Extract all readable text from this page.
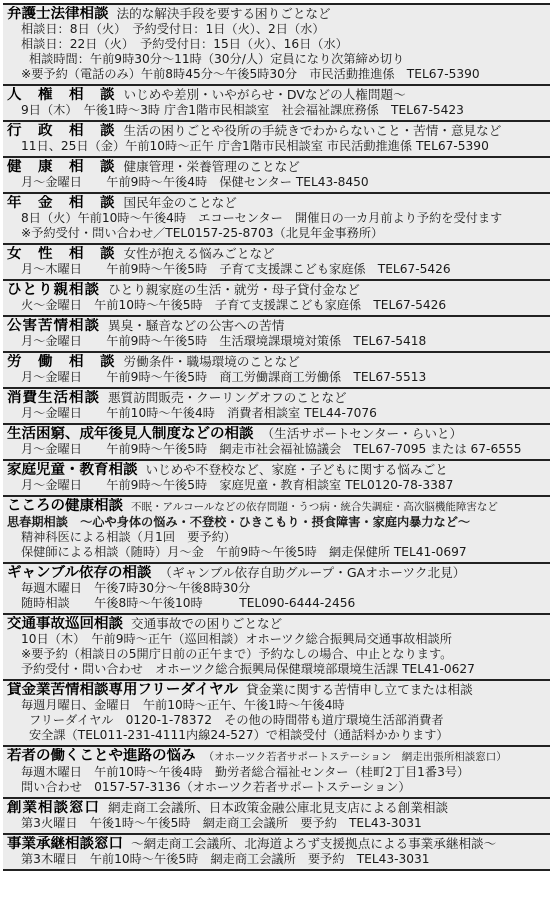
弁護士法律相談 法的な解決手段を要する困りごとなど
相談日：8日（火）　予約受付日：1日（火）、2日（水）
相談日：22日（火）　予約受付日：15日（火）、16日（水）
相談時間：午前9時30分～11時（30分/人）定員になり次第締め切り
※要予約（電話のみ）午前8時45分～午後5時30分　市民活動推進係　TEL67-5390
人　権　相　談 いじめや差別・いやがらせ・DVなどの人権問題～
9日（木）　午後1時～3時 庁舎1階市民相談室　社会福祉課庶務係　TEL67-5423
行　政　相　談 生活の困りごとや役所の手続きでわからないこと・苦情・意見など
11日、25日（金）午前10時～正午 庁舎1階市民相談室 市民活動推進係 TEL67-5390
健　康　相　談 健康管理・栄養管理のことなど
月～金曜日　　午前9時～午後4時　保健センター TEL43-8450
年　金　相　談 国民年金のことなど
8日（火）午前10時～午後4時　エコーセンター　開催日の一カ月前より予約を受付ます
※予約受付・問い合わせ／TEL0157-25-8703（北見年金事務所）
女　性　相　談 女性が抱える悩みごとなど
月～木曜日　　午前9時～午後5時　子育て支援課こども家庭係　TEL67-5426
ひとり親相談 ひとり親家庭の生活・就労・母子貸付金など
火～金曜日　午前10時～午後5時　子育て支援課こども家庭係　TEL67-5426
公害苦情相談 異臭・騒音などの公害への苦情
月～金曜日　　午前9時～午後5時　生活環境課環境対策係　TEL67-5418
労　働　相　談 労働条件・職場環境のことなど
月～金曜日　　午前9時～午後5時　商工労働課商工労働係　TEL67-5513
消費生活相談 悪質訪問販売・クーリングオフのことなど
月～金曜日　　午前10時～午後4時　消費者相談室 TEL44-7076
生活困窮、成年後見人制度などの相談 （生活サポートセンター・らいと）
月～金曜日　　午前9時～午後5時　網走市社会福祉協議会　TEL67-7095 または 67-6555
家庭児童・教育相談 いじめや不登校など、家庭・子どもに関する悩みごと
月～金曜日　　午前9時～午後5時　家庭児童・教育相談室 TEL0120-78-3387
こころの健康相談 不眠・アルコールなどの依存問題・うつ病・統合失調症・高次脳機能障害など
思春期相談　～心や身体の悩み・不登校・ひきこもり・摂食障害・家庭内暴力など～
精神科医による相談（月1回　要予約）
保健師による相談（随時）月～金　午前9時～午後5時　網走保健所 TEL41-0697
ギャンブル依存の相談 （ギャンブル依存自助グループ・GAオホーツク北見）
毎週木曜日　午後7時30分～午後8時30分
随時相談　　午後8時～午後10時　　　TEL090-6444-2456
交通事故巡回相談 交通事故での困りごとなど
10日（木）　午前9時～正午（巡回相談）オホーツク総合振興局交通事故相談所
※要予約（相談日の5開庁日前の正午まで）予約なしの場合、中止となります。
予約受付・問い合わせ　オホーツク総合振興局保健環境部環境生活課 TEL41-0627
貸金業苦情相談専用フリーダイヤル 貸金業に関する苦情申し立てまたは相談
毎週月曜日、金曜日　午前10時～正午、午後1時～午後4時
フリーダイヤル　0120-1-78372　その他の時間帯も道庁環境生活部消費者
安全課（TEL011-231-4111内線24-527）で相談受付（通話料かかります）
若者の働くことや進路の悩み （オホーツク若者サポートステーション　網走出張所相談窓口）
毎週木曜日　午前10時～午後4時　勤労者総合福祉センター（桂町2丁目1番3号）
問い合わせ　0157-57-3136（オホーツク若者サポートステーション）
創業相談窓口 網走商工会議所、日本政策金融公庫北見支店による創業相談
第3火曜日　午後1時～午後5時　網走商工会議所　要予約　TEL43-3031
事業承継相談窓口 ～網走商工会議所、北海道よろず支援拠点による事業承継相談～
第3木曜日　午前10時～午後5時　網走商工会議所　要予約　TEL43-3031
